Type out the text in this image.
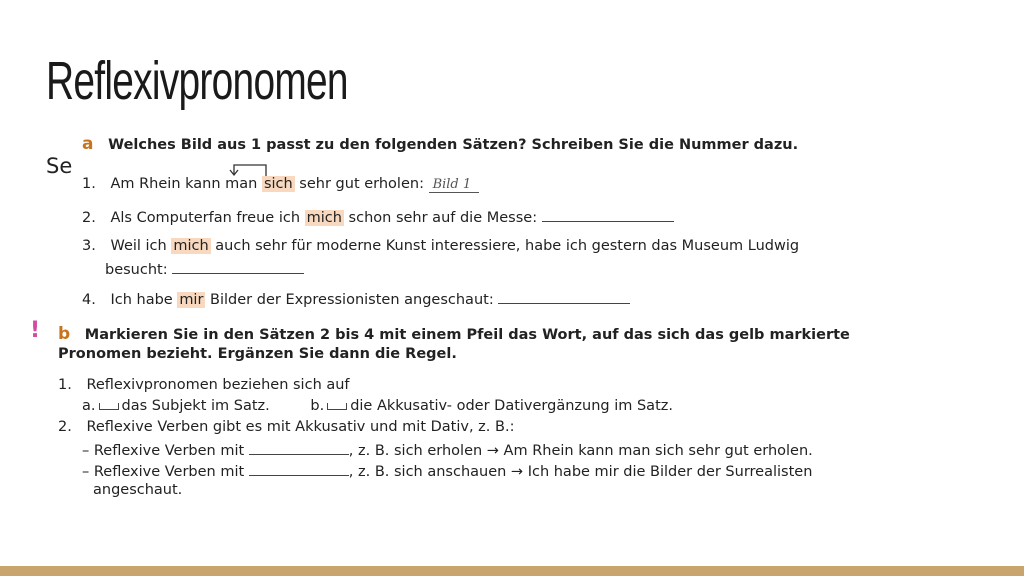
Reflexivpronomen
Se
!
a Welches Bild aus 1 passt zu den folgenden Sätzen? Schreiben Sie die Nummer dazu.
1. Am Rhein kann man sich sehr gut erholen: Bild 1
2. Als Computerfan freue ich mich schon sehr auf die Messe:
3. Weil ich mich auch sehr für moderne Kunst interessiere, habe ich gestern das Museum Ludwig
besucht:
4. Ich habe mir Bilder der Expressionisten angeschaut:
b Markieren Sie in den Sätzen 2 bis 4 mit einem Pfeil das Wort, auf das sich das gelb markierte
Pronomen bezieht. Ergänzen Sie dann die Regel.
1. Reflexivpronomen beziehen sich auf
a. das Subjekt im Satz.	b. die Akkusativ- oder Dativergänzung im Satz.
2. Reflexive Verben gibt es mit Akkusativ und mit Dativ, z. B.:
– Reflexive Verben mit	, z. B. sich erholen → Am Rhein kann man sich sehr gut erholen.
– Reflexive Verben mit	, z. B. sich anschauen → Ich habe mir die Bilder der Surrealisten
angeschaut.
